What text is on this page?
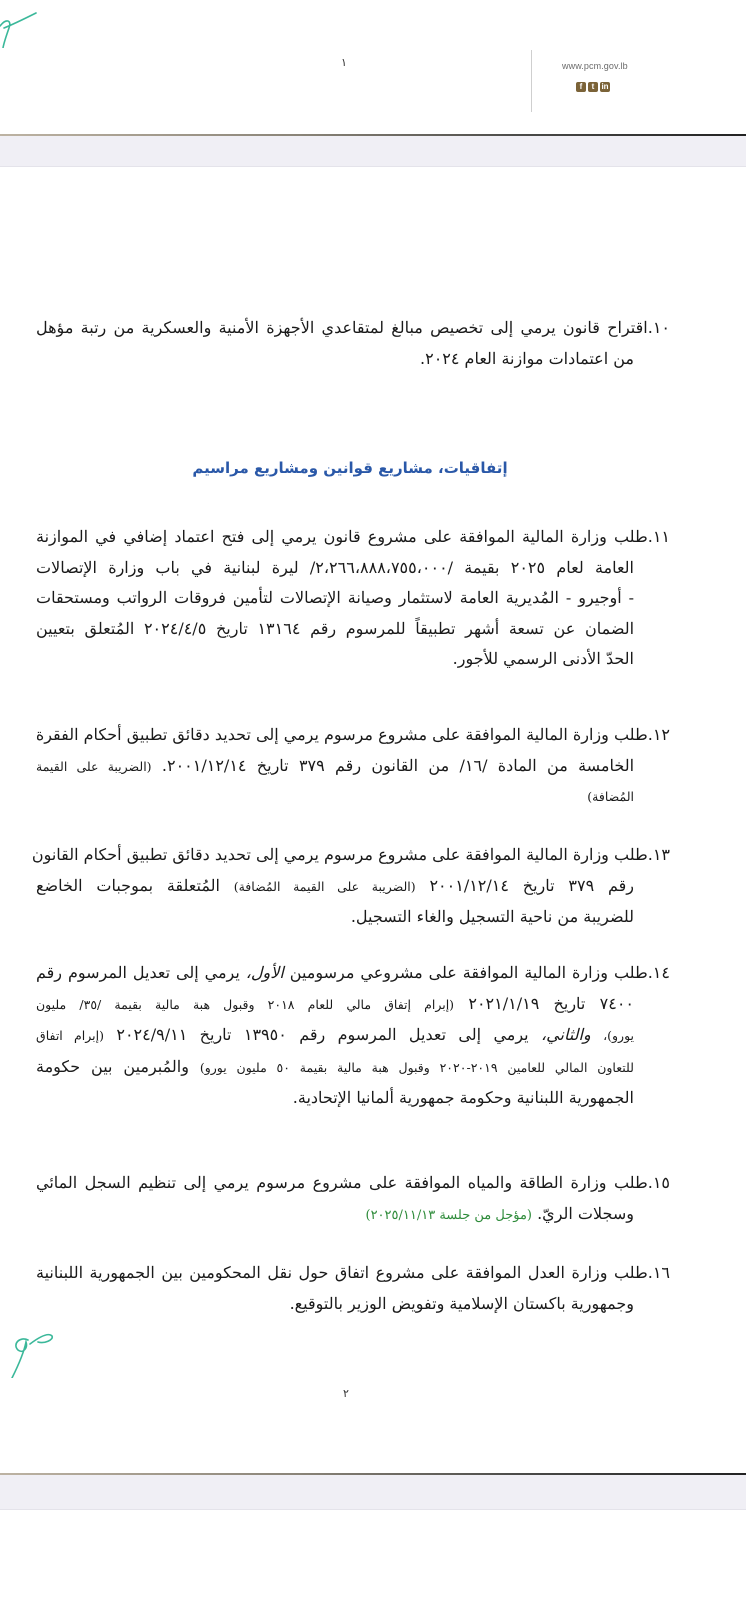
١	www.pcm.gov.lb
f	t in
١٠.اقتراح قانون يرمي إلى تخصيص مبالغ لمتقاعدي الأجهزة الأمنية والعسكرية من رتبة مؤهل
من اعتمادات موازنة العام ٢٠٢٤.
إتفاقيات، مشاريع قوانين ومشاريع مراسيم
١١.طلب وزارة المالية الموافقة على مشروع قانون يرمي إلى فتح اعتماد إضافي في الموازنة
العامة لعام ٢٠٢٥ بقيمة /٢،٢٦٦،٨٨٨،٧٥٥،٠٠٠/ ليرة لبنانية في باب وزارة الإتصالات
- أوجيرو - المُديرية العامة لاستثمار وصيانة الإتصالات لتأمين فروقات الرواتب ومستحقات
الضمان عن تسعة أشهر تطبيقاً للمرسوم رقم ١٣١٦٤ تاريخ ٢٠٢٤/٤/٥ المُتعلق بتعيين
الحدّ الأدنى الرسمي للأجور.
١٢.طلب وزارة المالية الموافقة على مشروع مرسوم يرمي إلى تحديد دقائق تطبيق أحكام الفقرة
الخامسة من المادة /١٦/ من القانون رقم ٣٧٩ تاريخ ٢٠٠١/١٢/١٤. (الضريبة على القيمة
المُضافة)
١٣.طلب وزارة المالية الموافقة على مشروع مرسوم يرمي إلى تحديد دقائق تطبيق أحكام القانون
رقم ٣٧٩ تاريخ ٢٠٠١/١٢/١٤ (الضريبة على القيمة المُضافة) المُتعلقة بموجبات الخاضع
للضريبة من ناحية التسجيل والغاء التسجيل.
١٤.طلب وزارة المالية الموافقة على مشروعي مرسومين الأول، يرمي إلى تعديل المرسوم رقم
٧٤٠٠ تاريخ ٢٠٢١/١/١٩ (إبرام إتفاق مالي للعام ٢٠١٨ وقبول هبة مالية بقيمة /٣٥/ مليون
يورو)، والثاني، يرمي إلى تعديل المرسوم رقم ١٣٩٥٠ تاريخ ٢٠٢٤/٩/١١ (إبرام اتفاق
للتعاون المالي للعامين ٢٠١٩-٢٠٢٠ وقبول هبة مالية بقيمة ٥٠ مليون يورو) والمُبرمين بين حكومة
الجمهورية اللبنانية وحكومة جمهورية ألمانيا الإتحادية.
١٥.طلب وزارة الطاقة والمياه الموافقة على مشروع مرسوم يرمي إلى تنظيم السجل المائي
وسجلات الريّ. (مؤجل من جلسة ٢٠٢٥/١١/١٣)
١٦.طلب وزارة العدل الموافقة على مشروع اتفاق حول نقل المحكومين بين الجمهورية اللبنانية
وجمهورية باكستان الإسلامية وتفويض الوزير بالتوقيع.
٢
